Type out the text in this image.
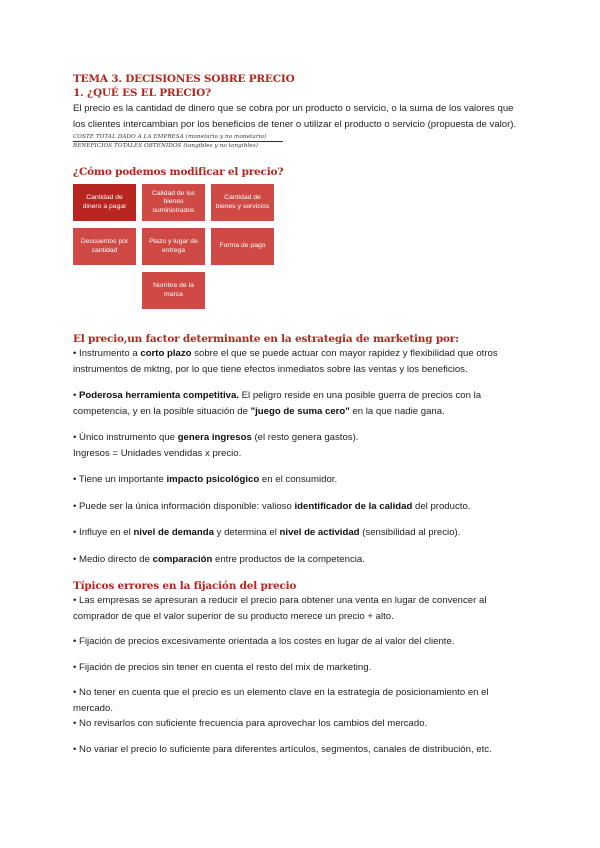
TEMA 3. DECISIONES SOBRE PRECIO
1. ¿QUÉ ES EL PRECIO?

El precio es la cantidad de dinero que se cobra por un producto o servicio, o la suma de los valores que los clientes intercambian por los beneficios de tener o utilizar el producto o servicio (propuesta de valor).

COSTE TOTAL DADO A LA EMPRESA (monetario y no monetario)
BENEFICIOS TOTALES OBTENIDOS (tangibles y no tangibles)
¿Cómo podemos modificar el precio?
Cantidad de dinero a pagar
Calidad de los bienes suministrados
Cantidad de bienes y servicios
Descuentos por cantidad
Plazo y lugar de entrega
Forma de pago
Nombre de la marca
El precio,un factor determinante en la estrategia de marketing por:

• Instrumento a corto plazo sobre el que se puede actuar con mayor rapidez y flexibilidad que otros instrumentos de mktng, por lo que tiene efectos inmediatos sobre las ventas y los beneficios.

• Poderosa herramienta competitiva. El peligro reside en una posible guerra de precios con la competencia, y en la posible situación de "juego de suma cero" en la que nadie gana.

• Único instrumento que genera ingresos (el resto genera gastos).

Ingresos = Unidades vendidas x precio.

• Tiene un importante impacto psicológico en el consumidor.

• Puede ser la única información disponible: valioso identificador de la calidad del producto.

• Influye en el nivel de demanda y determina el nivel de actividad (sensibilidad al precio).

• Medio directo de comparación entre productos de la competencia.

Típicos errores en la fijación del precio

• Las empresas se apresuran a reducir el precio para obtener una venta en lugar de convencer al comprador de que el valor superior de su producto merece un precio + alto.

• Fijación de precios excesivamente orientada a los costes en lugar de al valor del cliente.

• Fijación de precios sin tener en cuenta el resto del mix de marketing.

• No tener en cuenta que el precio es un elemento clave en la estrategia de posicionamiento en el mercado.

• No revisarlos con suficiente frecuencia para aprovechar los cambios del mercado.

• No variar el precio lo suficiente para diferentes artículos, segmentos, canales de distribución, etc.
